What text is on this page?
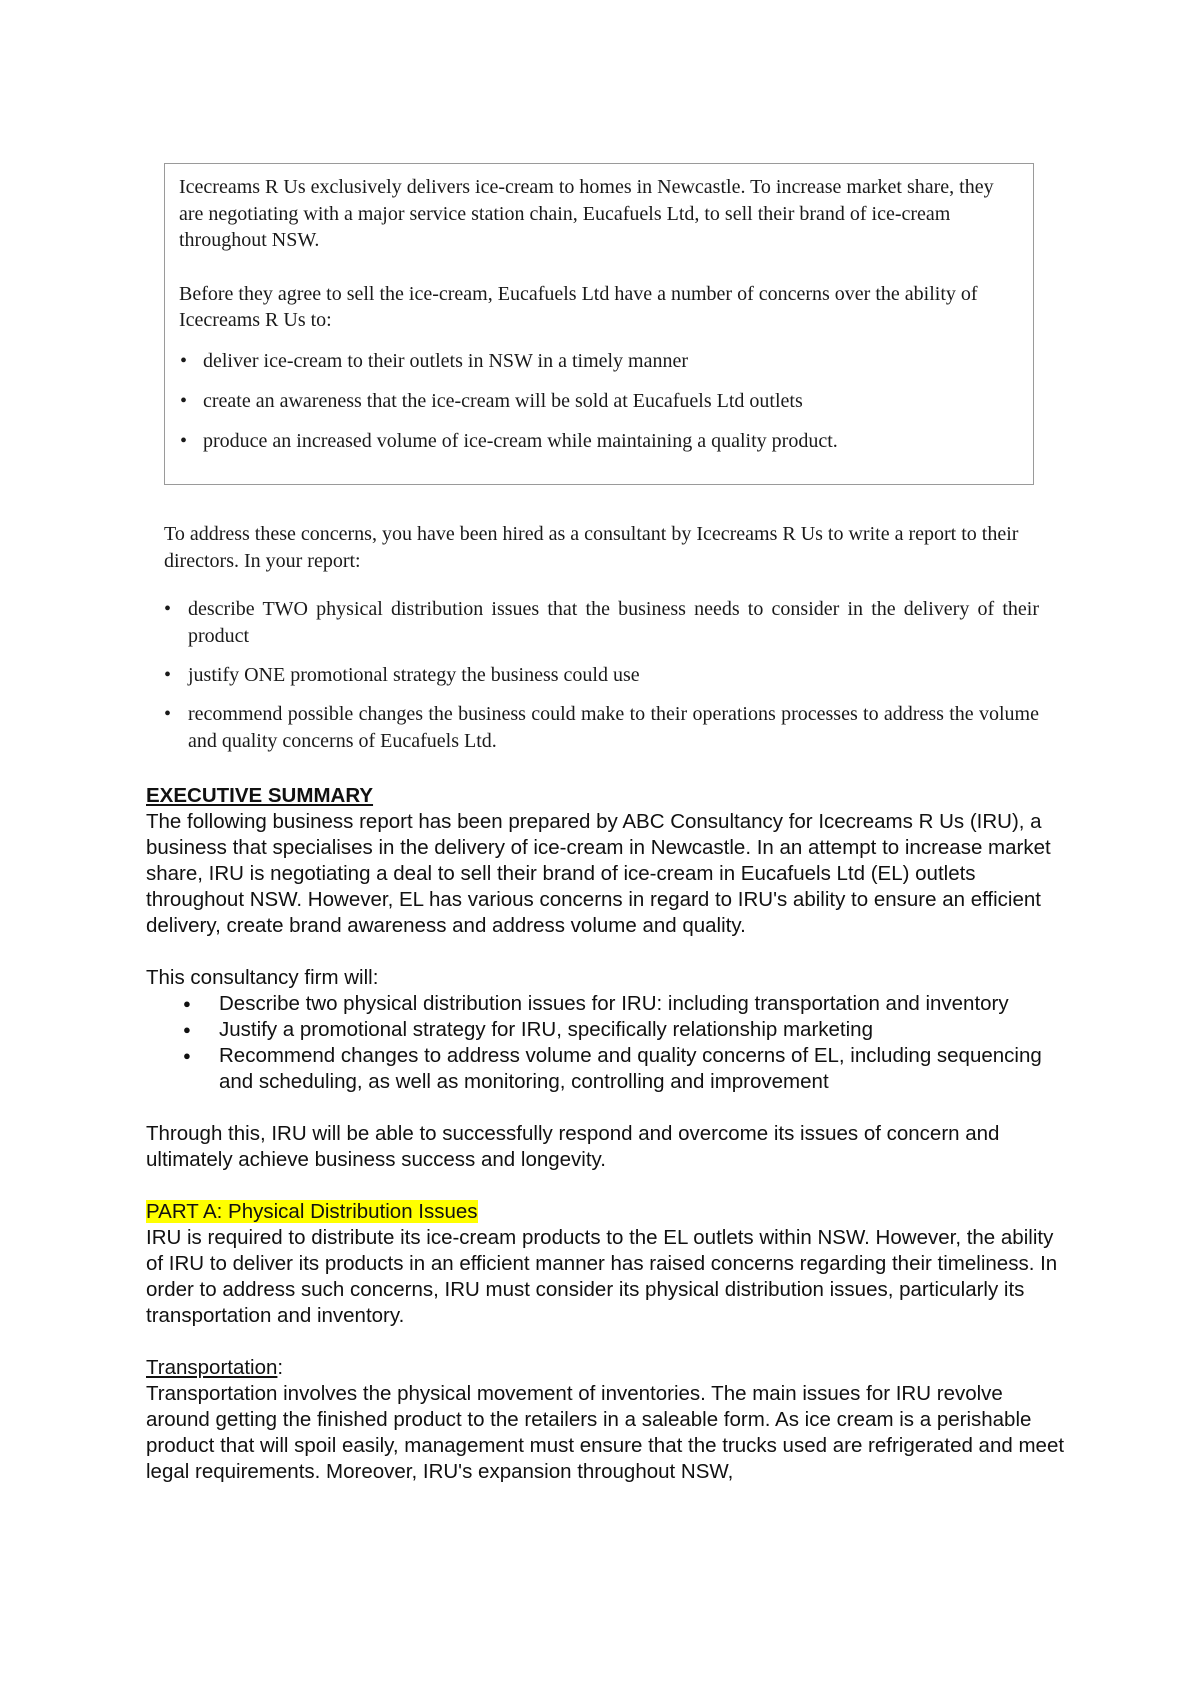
Icecreams R Us exclusively delivers ice-cream to homes in Newcastle. To increase market share, they are negotiating with a major service station chain, Eucafuels Ltd, to sell their brand of ice-cream throughout NSW.

Before they agree to sell the ice-cream, Eucafuels Ltd have a number of concerns over the ability of Icecreams R Us to:

• deliver ice-cream to their outlets in NSW in a timely manner
• create an awareness that the ice-cream will be sold at Eucafuels Ltd outlets
• produce an increased volume of ice-cream while maintaining a quality product.

To address these concerns, you have been hired as a consultant by Icecreams R Us to write a report to their directors. In your report:

• describe TWO physical distribution issues that the business needs to consider in the delivery of their product
• justify ONE promotional strategy the business could use
• recommend possible changes the business could make to their operations processes to address the volume and quality concerns of Eucafuels Ltd.

EXECUTIVE SUMMARY

The following business report has been prepared by ABC Consultancy for Icecreams R Us (IRU), a business that specialises in the delivery of ice-cream in Newcastle. In an attempt to increase market share, IRU is negotiating a deal to sell their brand of ice-cream in Eucafuels Ltd (EL) outlets throughout NSW. However, EL has various concerns in regard to IRU's ability to ensure an efficient delivery, create brand awareness and address volume and quality.

This consultancy firm will:

● Describe two physical distribution issues for IRU: including transportation and inventory
● Justify a promotional strategy for IRU, specifically relationship marketing
● Recommend changes to address volume and quality concerns of EL, including sequencing and scheduling, as well as monitoring, controlling and improvement

Through this, IRU will be able to successfully respond and overcome its issues of concern and ultimately achieve business success and longevity.

PART A: Physical Distribution Issues

IRU is required to distribute its ice-cream products to the EL outlets within NSW. However, the ability of IRU to deliver its products in an efficient manner has raised concerns regarding their timeliness. In order to address such concerns, IRU must consider its physical distribution issues, particularly its transportation and inventory.

Transportation:

Transportation involves the physical movement of inventories. The main issues for IRU revolve around getting the finished product to the retailers in a saleable form. As ice cream is a perishable product that will spoil easily, management must ensure that the trucks used are refrigerated and meet legal requirements. Moreover, IRU's expansion throughout NSW,
